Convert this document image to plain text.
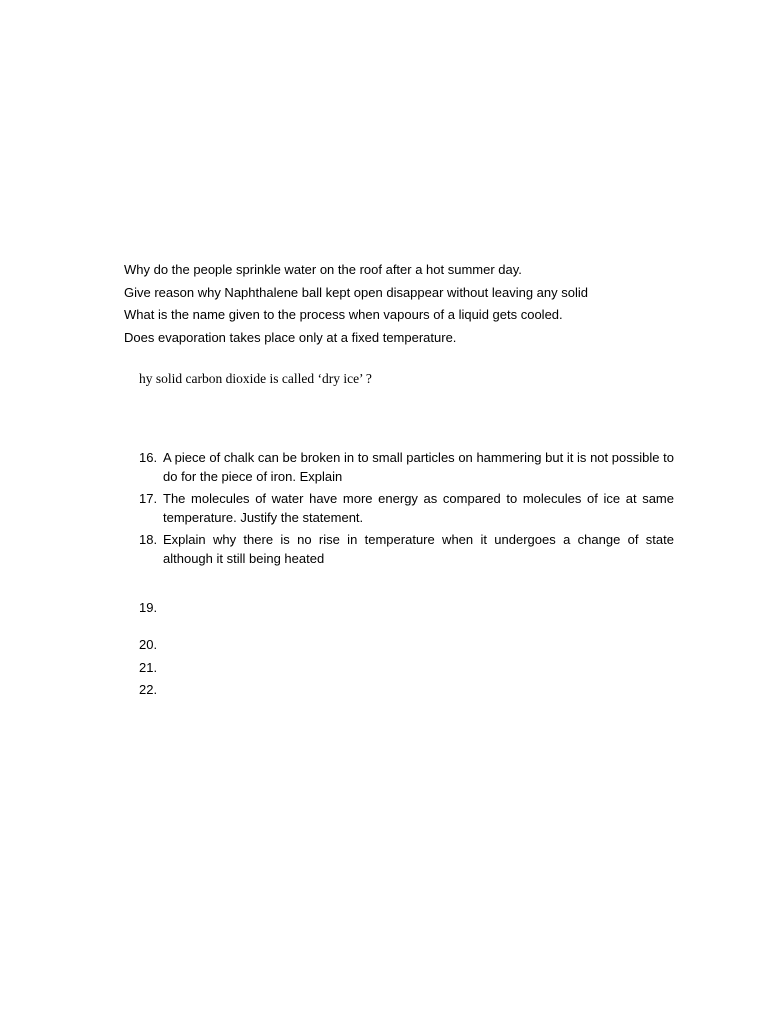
Why do the people sprinkle water on the roof after a hot summer day.
Give reason why Naphthalene ball kept open disappear without leaving any solid
What is the name given to the process when vapours of a liquid gets cooled.
Does evaporation takes place only at a fixed temperature.
hy solid carbon dioxide is called ‘dry ice’ ?
16. A piece of chalk can be broken in to small particles on hammering but it is not possible to do for the piece of iron. Explain
17. The molecules of water have more energy as compared to molecules of ice at same temperature. Justify the statement.
18. Explain why there is no rise in temperature when it undergoes a change of state although it still being heated
19.
20.
21.
22.
